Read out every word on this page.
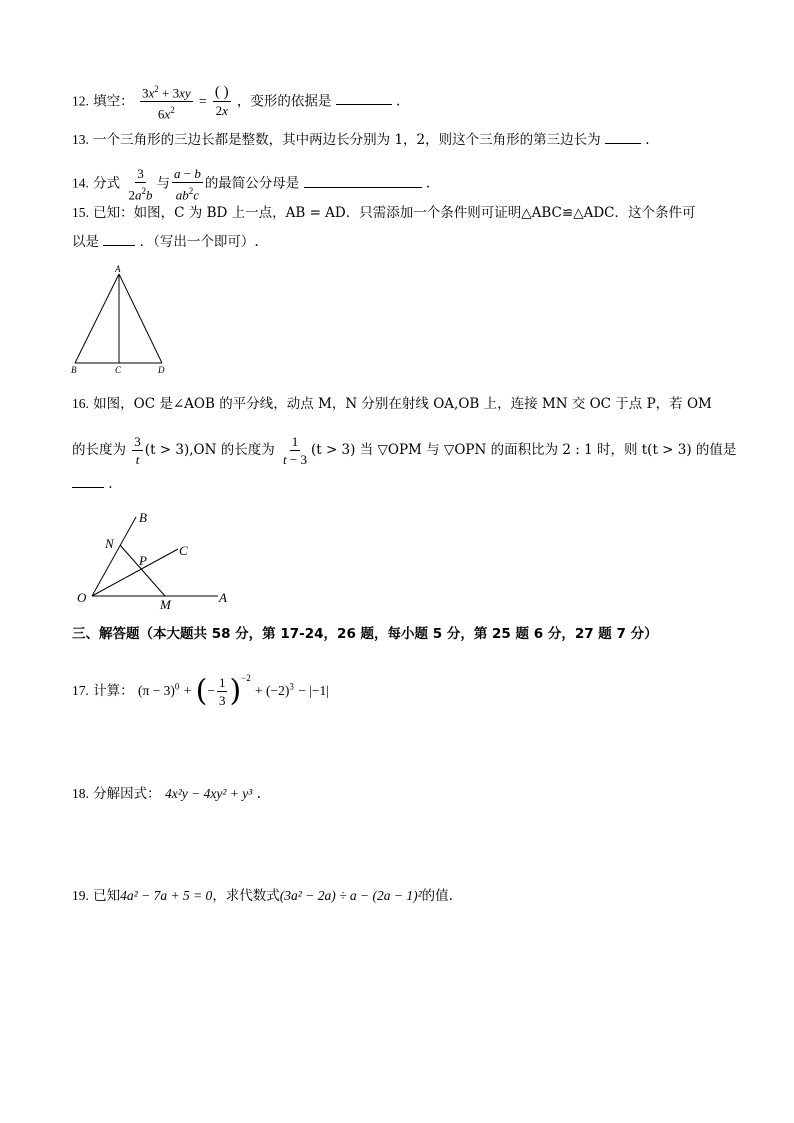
12. 填空： $\frac{3x^2 + 3xy}{6x^2} = \frac{( )}{2x}$ ，变形的依据是	.
13. 一个三角形的三边长都是整数，其中两边长分别为 1，2，则这个三角形的第三边长为	.
14. 分式 $\frac{3}{2a^2b}$ 与 $\frac{a - b}{ab^2c}$ 的最简公分母是	.
15. 已知：如图，C 为 BD 上一点，AB = AD．只需添加一个条件则可证明△ABC≌△ADC．这个条件可
以是	．（写出一个即可）.
A
B	C	D
16. 如图，OC 是∠AOB 的平分线，动点 M，N 分别在射线 OA,OB 上，连接 MN 交 OC 于点 P，若 OM
的长度为 $\frac{3}{t} (t > 3),ON$ 的长度为 $\frac{1}{t - 3} (t > 3)$ 当 ▽OPM 与 ▽OPN 的面积比为 2 : 1 时，则 t(t > 3) 的值是
.
B
N
P
C
O	M	A
三、解答题（本大题共 58 分，第 17-24，26 题，每小题 5 分，第 25 题 6 分，27 题 7 分）
17. 计算： $(\pi - 3)^0$ + (− $\frac{1}{3} )^{-2} + (-2)^3 - |-1|$
18. 分解因式： 4x²y − 4xy² + y³ .
19. 已知4a² − 7a + 5 = 0，求代数式(3a² − 2a) ÷ a − (2a − 1)²的值.
